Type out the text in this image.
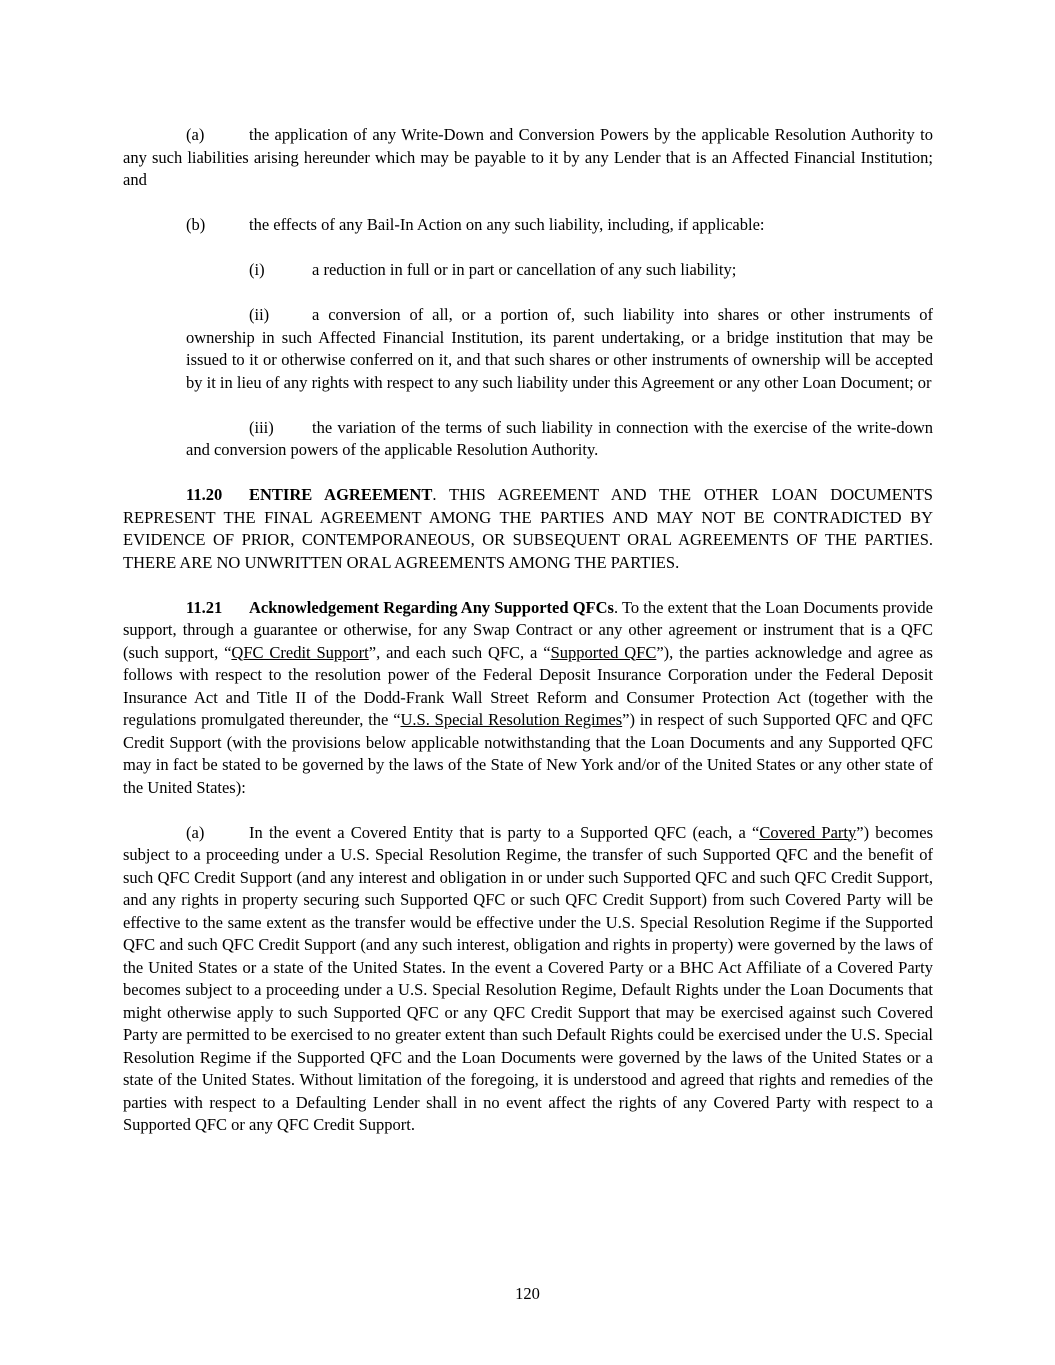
(a)	the application of any Write-Down and Conversion Powers by the applicable Resolution Authority to any such liabilities arising hereunder which may be payable to it by any Lender that is an Affected Financial Institution; and

(b)	the effects of any Bail-In Action on any such liability, including, if applicable:

(i)	a reduction in full or in part or cancellation of any such liability;

(ii)	a conversion of all, or a portion of, such liability into shares or other instruments of ownership in such Affected Financial Institution, its parent undertaking, or a bridge institution that may be issued to it or otherwise conferred on it, and that such shares or other instruments of ownership will be accepted by it in lieu of any rights with respect to any such liability under this Agreement or any other Loan Document; or

(iii) the variation of the terms of such liability in connection with the exercise of the write-down and conversion powers of the applicable Resolution Authority.

11.20 ENTIRE AGREEMENT. THIS AGREEMENT AND THE OTHER LOAN DOCUMENTS REPRESENT THE FINAL AGREEMENT AMONG THE PARTIES AND MAY NOT BE CONTRADICTED BY EVIDENCE OF PRIOR, CONTEMPORANEOUS, OR SUBSEQUENT ORAL AGREEMENTS OF THE PARTIES. THERE ARE NO UNWRITTEN ORAL AGREEMENTS AMONG THE PARTIES.

11.21 Acknowledgement Regarding Any Supported QFCs. To the extent that the Loan Documents provide support, through a guarantee or otherwise, for any Swap Contract or any other agreement or instrument that is a QFC (such support, “QFC Credit Support”, and each such QFC, a “Supported QFC”), the parties acknowledge and agree as follows with respect to the resolution power of the Federal Deposit Insurance Corporation under the Federal Deposit Insurance Act and Title II of the Dodd-Frank Wall Street Reform and Consumer Protection Act (together with the regulations promulgated thereunder, the “U.S. Special Resolution Regimes”) in respect of such Supported QFC and QFC Credit Support (with the provisions below applicable notwithstanding that the Loan Documents and any Supported QFC may in fact be stated to be governed by the laws of the State of New York and/or of the United States or any other state of the United States):

(a)	In the event a Covered Entity that is party to a Supported QFC (each, a “Covered Party”) becomes subject to a proceeding under a U.S. Special Resolution Regime, the transfer of such Supported QFC and the benefit of such QFC Credit Support (and any interest and obligation in or under such Supported QFC and such QFC Credit Support, and any rights in property securing such Supported QFC or such QFC Credit Support) from such Covered Party will be effective to the same extent as the transfer would be effective under the U.S. Special Resolution Regime if the Supported QFC and such QFC Credit Support (and any such interest, obligation and rights in property) were governed by the laws of the United States or a state of the United States. In the event a Covered Party or a BHC Act Affiliate of a Covered Party becomes subject to a proceeding under a U.S. Special Resolution Regime, Default Rights under the Loan Documents that might otherwise apply to such Supported QFC or any QFC Credit Support that may be exercised against such Covered Party are permitted to be exercised to no greater extent than such Default Rights could be exercised under the U.S. Special Resolution Regime if the Supported QFC and the Loan Documents were governed by the laws of the United States or a state of the United States. Without limitation of the foregoing, it is understood and agreed that rights and remedies of the parties with respect to a Defaulting Lender shall in no event affect the rights of any Covered Party with respect to a Supported QFC or any QFC Credit Support.

120
